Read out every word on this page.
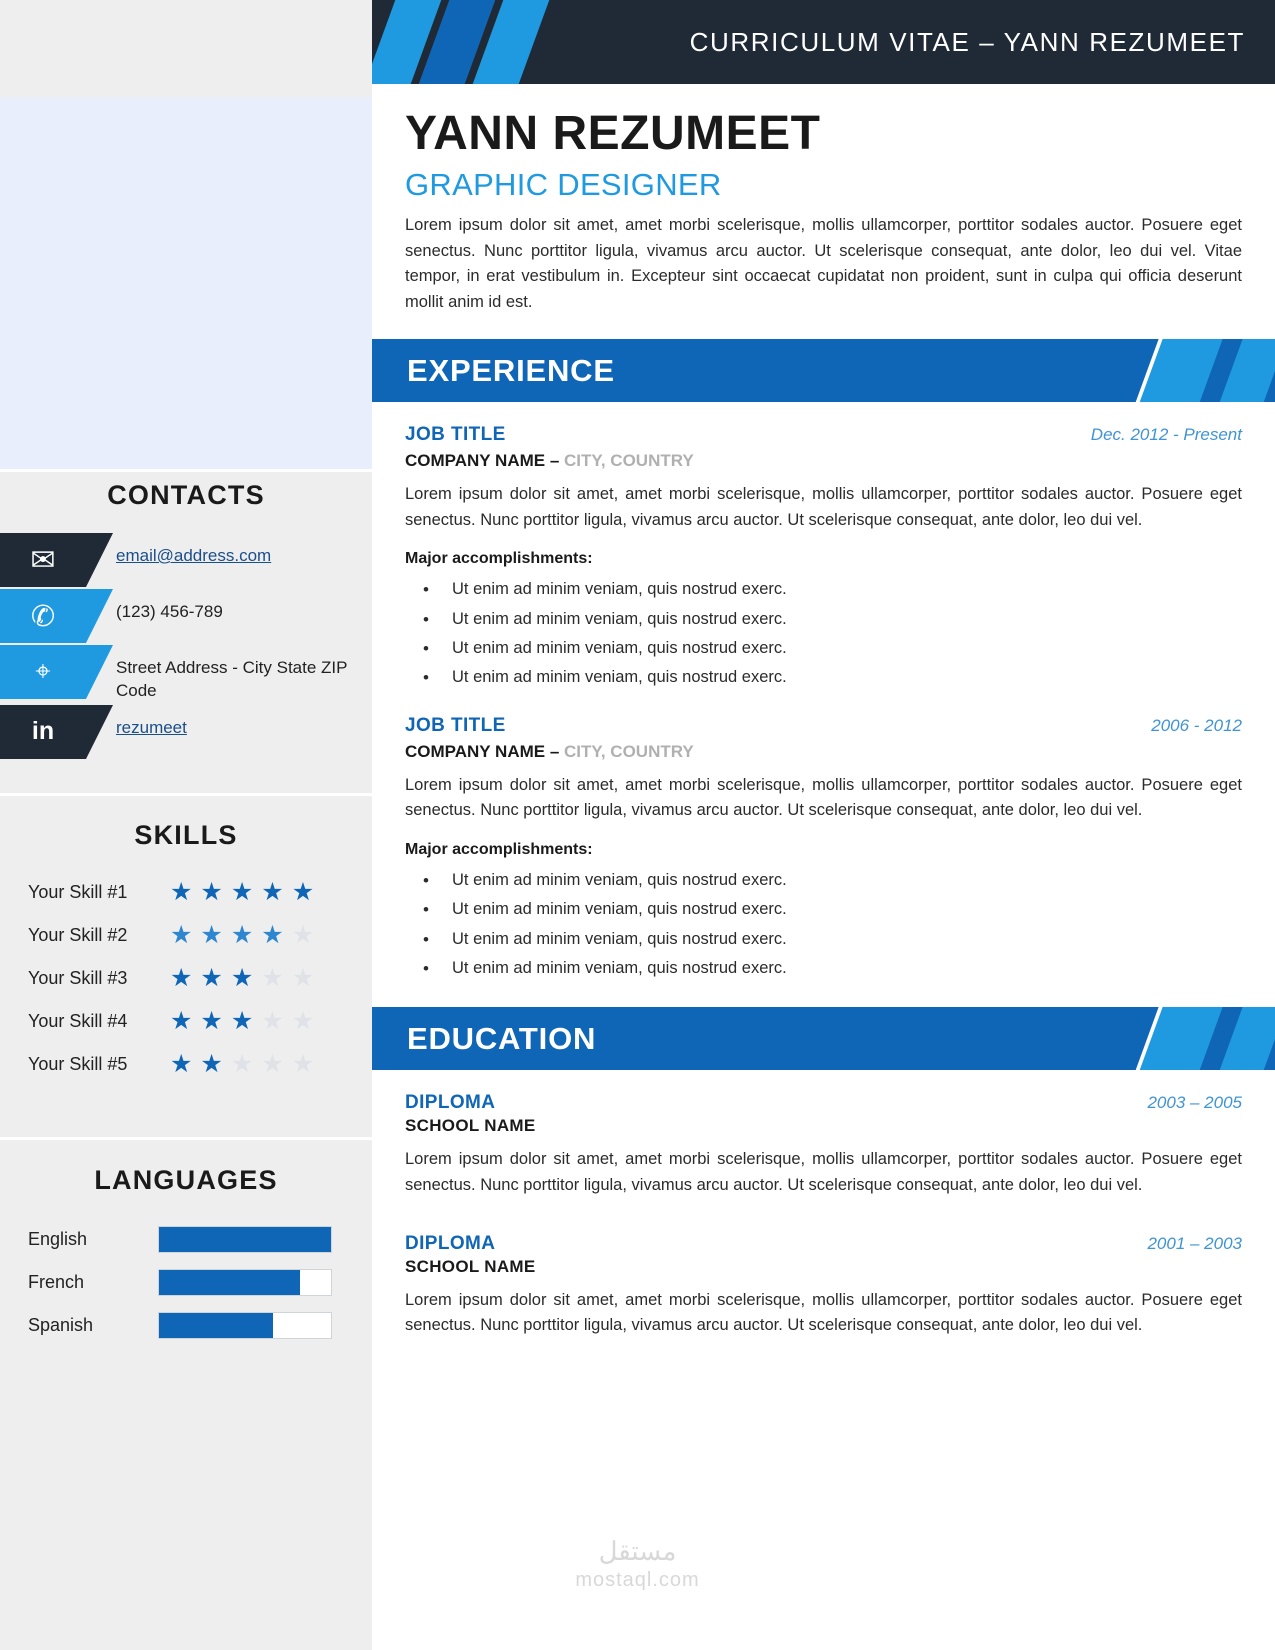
CONTACTS
✉	email@address.com
✆	(123) 456-789
⌖	Street Address - City State ZIP Code
in	rezumeet
SKILLS
Your Skill #1	★ ★ ★ ★ ★
Your Skill #2	★ ★ ★ ★ ★
Your Skill #3	★ ★ ★ ★ ★
Your Skill #4	★ ★ ★ ★ ★
Your Skill #5	★ ★ ★ ★ ★
LANGUAGES
English
French
Spanish
CURRICULUM VITAE – YANN REZUMEET
YANN REZUMEET
GRAPHIC DESIGNER

Lorem ipsum dolor sit amet, amet morbi scelerisque, mollis ullamcorper, porttitor sodales auctor. Posuere eget senectus. Nunc porttitor ligula, vivamus arcu auctor. Ut scelerisque consequat, ante dolor, leo dui vel. Vitae tempor, in erat vestibulum in. Excepteur sint occaecat cupidatat non proident, sunt in culpa qui officia deserunt mollit anim id est.

EXPERIENCE
JOB TITLE	Dec. 2012 - Present
COMPANY NAME – CITY, COUNTRY

Lorem ipsum dolor sit amet, amet morbi scelerisque, mollis ullamcorper, porttitor sodales auctor. Posuere eget senectus. Nunc porttitor ligula, vivamus arcu auctor. Ut scelerisque consequat, ante dolor, leo dui vel.

Major accomplishments:
• Ut enim ad minim veniam, quis nostrud exerc.
• Ut enim ad minim veniam, quis nostrud exerc.
• Ut enim ad minim veniam, quis nostrud exerc.
• Ut enim ad minim veniam, quis nostrud exerc.
JOB TITLE	2006 - 2012
COMPANY NAME – CITY, COUNTRY

Lorem ipsum dolor sit amet, amet morbi scelerisque, mollis ullamcorper, porttitor sodales auctor. Posuere eget senectus. Nunc porttitor ligula, vivamus arcu auctor. Ut scelerisque consequat, ante dolor, leo dui vel.

Major accomplishments:
• Ut enim ad minim veniam, quis nostrud exerc.
• Ut enim ad minim veniam, quis nostrud exerc.
• Ut enim ad minim veniam, quis nostrud exerc.
• Ut enim ad minim veniam, quis nostrud exerc.
EDUCATION
DIPLOMA	2003 – 2005
SCHOOL NAME

Lorem ipsum dolor sit amet, amet morbi scelerisque, mollis ullamcorper, porttitor sodales auctor. Posuere eget senectus. Nunc porttitor ligula, vivamus arcu auctor. Ut scelerisque consequat, ante dolor, leo dui vel.

DIPLOMA	2001 – 2003
SCHOOL NAME

Lorem ipsum dolor sit amet, amet morbi scelerisque, mollis ullamcorper, porttitor sodales auctor. Posuere eget senectus. Nunc porttitor ligula, vivamus arcu auctor. Ut scelerisque consequat, ante dolor, leo dui vel.

مستقل
mostaql.com
